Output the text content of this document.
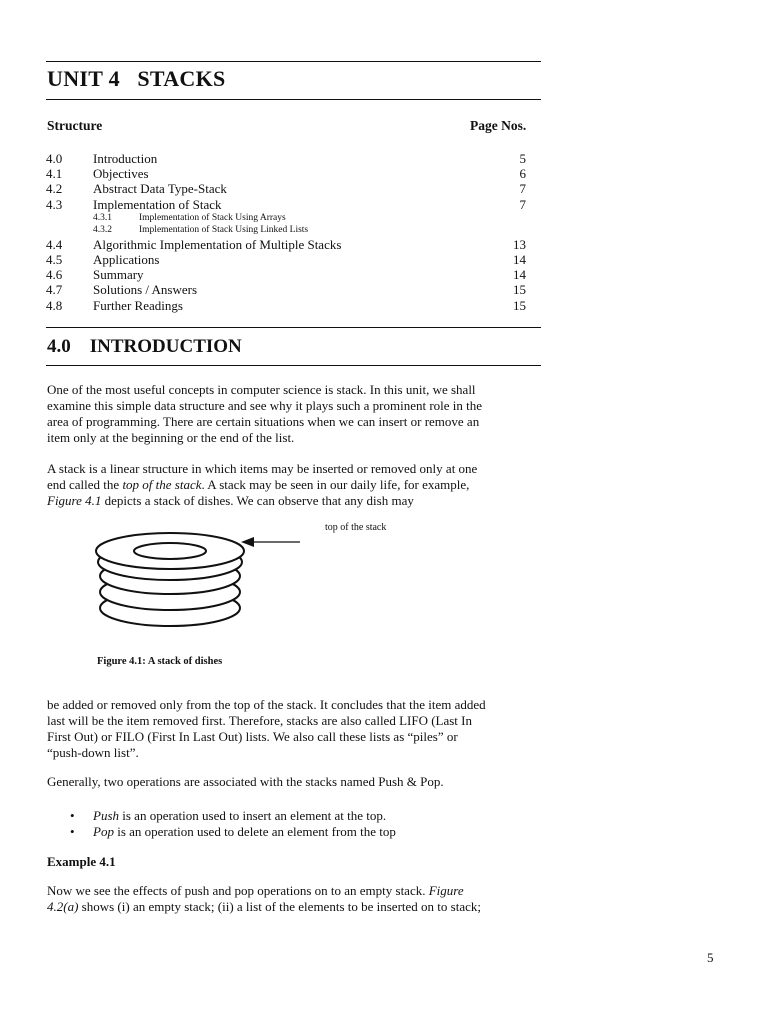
UNIT 4   STACKS
Structure	Page Nos.
4.0 Introduction	5
4.1 Objectives	6
4.2 Abstract Data Type-Stack	7
4.3 Implementation of Stack	7
4.3.1	Implementation of Stack Using Arrays
4.3.2	Implementation of Stack Using Linked Lists
4.4 Algorithmic Implementation of Multiple Stacks	13
4.5 Applications	14
4.6 Summary	14
4.7 Solutions / Answers	15
4.8 Further Readings	15
4.0    INTRODUCTION
One of the most useful concepts in computer science is stack. In this unit, we shall
examine this simple data structure and see why it plays such a prominent role in the
area of programming. There are certain situations when we can insert or remove an
item only at the beginning or the end of the list.
A stack is a linear structure in which items may be inserted or removed only at one
end called the top of the stack. A stack may be seen in our daily life, for example,
Figure 4.1 depicts a stack of dishes. We can observe that any dish may
top of the stack
Figure 4.1: A stack of dishes
be added or removed only from the top of the stack. It concludes that the item added
last will be the item removed first. Therefore, stacks are also called LIFO (Last In
First Out) or FILO (First In Last Out) lists. We also call these lists as “piles” or
“push-down list”.
Generally, two operations are associated with the stacks named Push & Pop.
• Push is an operation used to insert an element at the top.
• Pop is an operation used to delete an element from the top
Example 4.1
Now we see the effects of push and pop operations on to an empty stack. Figure
4.2(a) shows (i) an empty stack; (ii) a list of the elements to be inserted on to stack;
5
